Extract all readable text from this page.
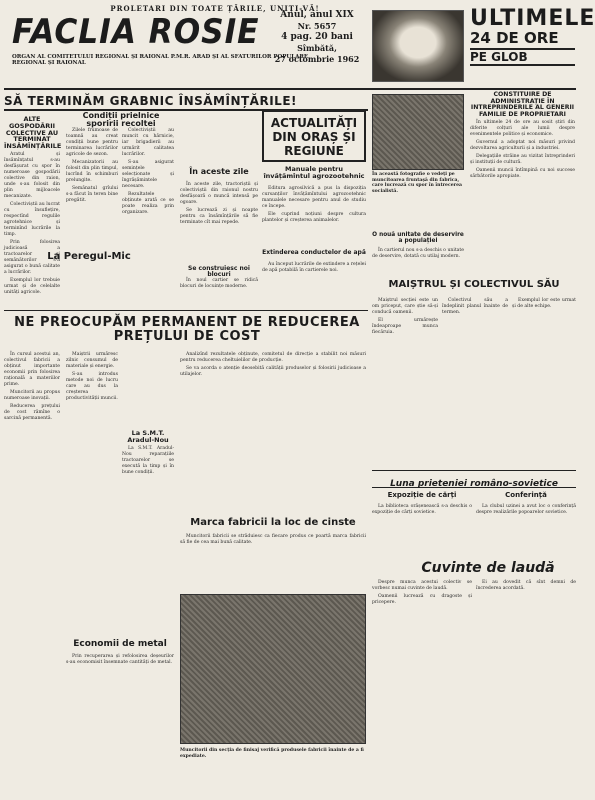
PROLETARI DIN TOATE ȚĂRILE, UNIȚI-VĂ!
FACLIA ROSIE
ORGAN AL COMITETULUI REGIONAL ȘI RAIONAL P.M.R. ARAD ȘI AL SFATURILOR POPULARE REGIONAL ȘI RAIONAL
Anul, anul XIX
Nr. 5657
4 pag. 20 bani
Sîmbătă,
27 octombrie 1962
ULTIMELE
24 DE ORE
PE GLOB
SĂ TERMINĂM GRABNIC ÎNSĂMÎNȚĂRILE!
ALTE GOSPODĂRII COLECTIVE AU TERMINAT ÎNSĂMÎNȚĂRILE

Aratul și însămînțatul s-au desfășurat cu spor în numeroase gospodării colective din raion, unde s-au folosit din plin mijloacele mecanizate.

Colectiviștii au lucrat cu însuflețire, respectînd regulile agrotehnice și terminînd lucrările la timp.

Prin folosirea judicioasă a tractoarelor și semănătorilor s-a asigurat o bună calitate a lucrărilor.

Exemplul lor trebuie urmat și de celelalte unități agricole.

Condiții prielnice sporirii recoltei

Zilele frumoase de toamnă au creat condiții bune pentru terminarea lucrărilor agricole de sezon.

Mecanizatorii au folosit din plin timpul, lucrînd în schimburi prelungite.

Semănatul grîului s-a făcut în teren bine pregătit.

Colectiviștii au muncit cu hărnicie, iar brigadierii au urmărit calitatea lucrărilor.

S-au asigurat semințele selecționate și îngrășămintele necesare.

Rezultatele obținute arată ce se poate realiza prin organizare.

ACTUALITĂȚI DIN ORAȘ ȘI REGIUNE
Manuale pentru învățămîntul agrozootehnic

Editura agrosilvică a pus la dispoziția cursanților învățămîntului agrozootehnic manualele necesare pentru anul de studiu ce începe.

Ele cuprind noțiuni despre cultura plantelor și creșterea animalelor.

În aceste zile

În aceste zile, tractoriștii și colectiviștii din raionul nostru desfășoară o muncă intensă pe ogoare.

Se lucrează zi și noapte pentru ca însămînțările să fie terminate cît mai repede.

La Peregul-Mic
În această fotografie o vedeți pe muncitoarea fruntașă din fabrica, care lucrează cu spor în întrecerea socialistă.
CONSTITUIRE DE ADMINISTRAȚIE ÎN INTREPRINDERILE AL GENERII FAMILIE DE PROPRIETARI

În ultimele 24 de ore au sosit știri din diferite colțuri ale lumii despre evenimentele politice și economice.

Guvernul a adoptat noi măsuri privind dezvoltarea agriculturii și a industriei.

Delegațiile străine au vizitat întreprinderi și instituții de cultură.

Oamenii muncii întîmpină cu noi succese sărbătorile apropiate.

O nouă unitate de deservire a populației

În cartierul nou s-a deschis o unitate de deservire, dotată cu utilaj modern.

NE PREOCUPĂM PERMANENT DE REDUCEREA PREȚULUI DE COST

În cursul acestui an, colectivul fabricii a obținut importante economii prin folosirea rațională a materiilor prime.

Muncitorii au propus numeroase inovații.

Reducerea prețului de cost rămîne o sarcină permanentă.

Maiștrii urmăresc zilnic consumul de materiale și energie.

S-au introdus metode noi de lucru care au dus la creșterea productivității muncii.

La S.M.T. Aradul-Nou

La S.M.T. Aradul-Nou reparațiile tractoarelor se execută la timp și în bune condiții.

Economii de metal

Prin recuperarea și refolosirea deșeurilor s-au economisit însemnate cantități de metal.

MAIȘTRUL ȘI COLECTIVUL SĂU

Maiștrul secției este un om priceput, care știe să-și conducă oamenii.

El urmărește îndeaproape munca fiecăruia.

Colectivul său a îndeplinit planul înainte de termen.

Exemplul lor este urmat și de alte echipe.

Luna prieteniei româno-sovietice
Expoziție de cărți

La biblioteca orășenească s-a deschis o expoziție de cărți sovietice.

Conferință

La clubul uzinei a avut loc o conferință despre realizările popoarelor sovietice.

Se construiesc noi blocuri

În noul cartier se ridică blocuri de locuințe moderne.

Extinderea conductelor de apă

Au început lucrările de extindere a rețelei de apă potabilă în cartierele noi.

Analizînd rezultatele obținute, comitetul de direcție a stabilit noi măsuri pentru reducerea cheltuielilor de producție.

Se va acorda o atenție deosebită calității produselor și folosirii judicioase a utilajelor.

Marca fabricii la loc de cinste

Muncitorii fabricii se străduiesc ca fiecare produs ce poartă marca fabricii să fie de cea mai bună calitate.

Muncitorii din secția de finisaj verifică produsele fabricii înainte de a fi expediate.
Cuvinte de laudă

Despre munca acestui colectiv se vorbesc numai cuvinte de laudă.

Oamenii lucrează cu dragoste și pricepere.

Ei au dovedit că sînt demni de încrederea acordată.
